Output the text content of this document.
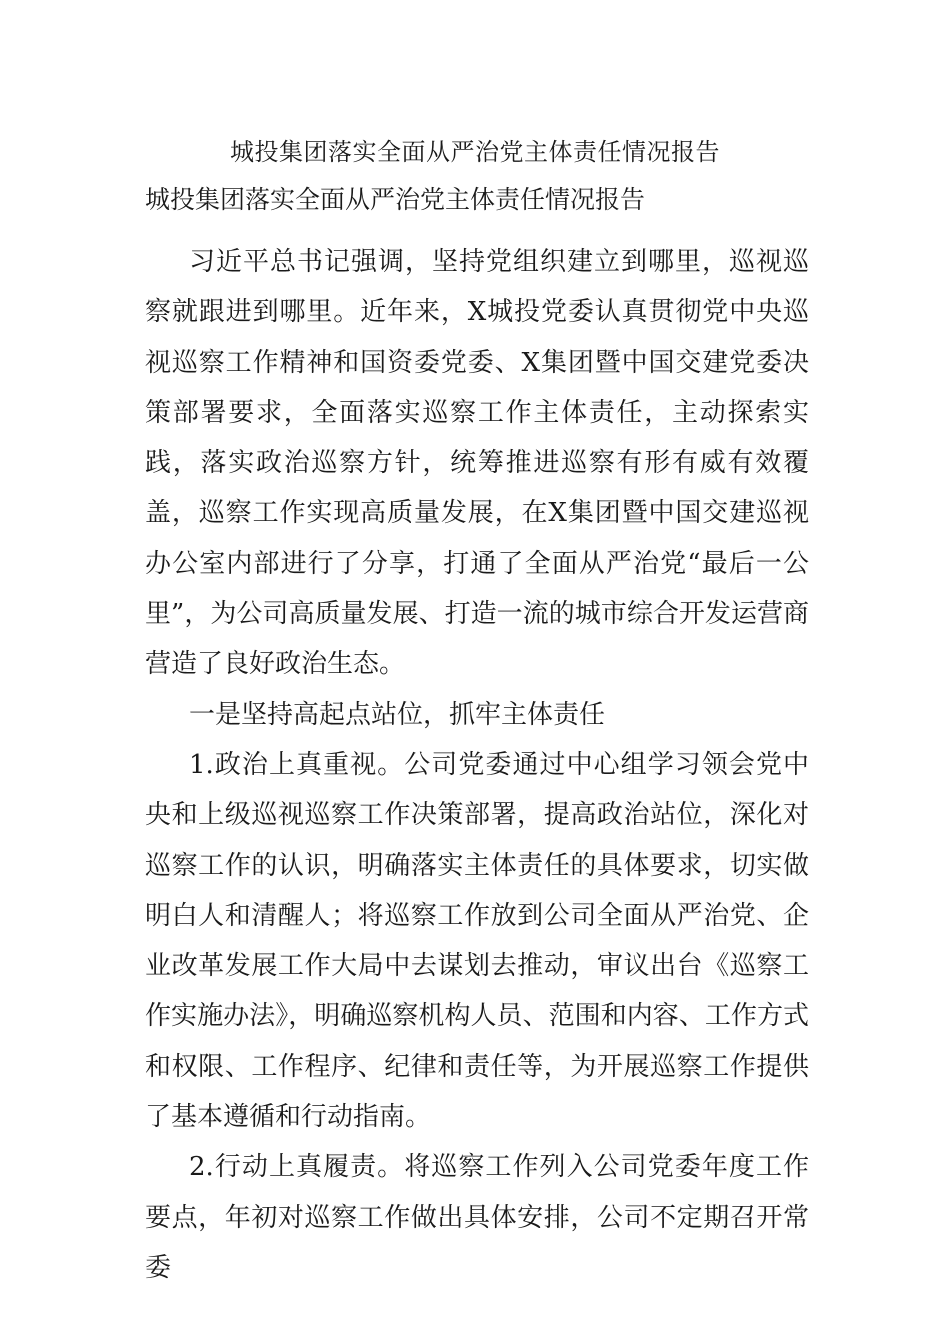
城投集团落实全面从严治党主体责任情况报告

城投集团落实全面从严治党主体责任情况报告

习近平总书记强调，坚持党组织建立到哪里，巡视巡察就跟进到哪里。近年来，X城投党委认真贯彻党中央巡视巡察工作精神和国资委党委、X集团暨中国交建党委决策部署要求，全面落实巡察工作主体责任，主动探索实践，落实政治巡察方针，统筹推进巡察有形有威有效覆盖，巡察工作实现高质量发展，在X集团暨中国交建巡视办公室内部进行了分享，打通了全面从严治党“最后一公里”，为公司高质量发展、打造一流的城市综合开发运营商营造了良好政治生态。

一是坚持高起点站位，抓牢主体责任

1.政治上真重视。公司党委通过中心组学习领会党中央和上级巡视巡察工作决策部署，提高政治站位，深化对巡察工作的认识，明确落实主体责任的具体要求，切实做明白人和清醒人；将巡察工作放到公司全面从严治党、企业改革发展工作大局中去谋划去推动，审议出台《巡察工作实施办法》，明确巡察机构人员、范围和内容、工作方式和权限、工作程序、纪律和责任等，为开展巡察工作提供了基本遵循和行动指南。

2.行动上真履责。将巡察工作列入公司党委年度工作要点，年初对巡察工作做出具体安排，公司不定期召开常委
